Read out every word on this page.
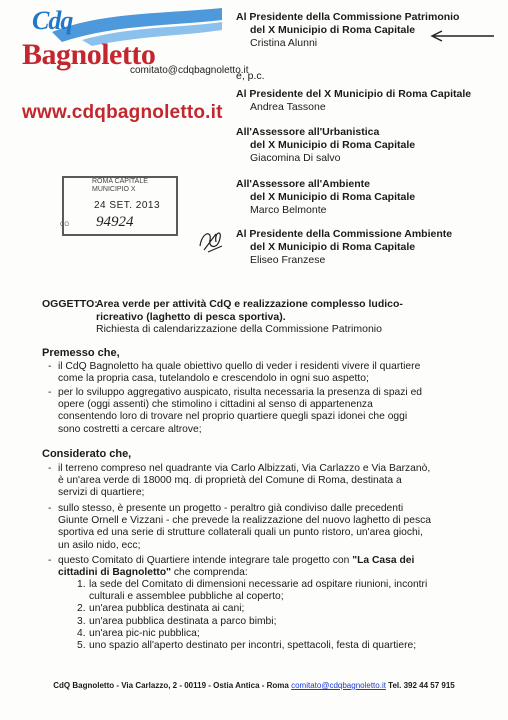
Cdq
Bagnoletto
comitato@cdqbagnoletto.it
www.cdqbagnoletto.it
Al Presidente della Commissione Patrimonio
del X Municipio di Roma Capitale
Cristina Alunni
e, p.c.
Al Presidente del X Municipio di Roma Capitale
Andrea Tassone
All'Assessore all'Urbanistica
del X Municipio di Roma Capitale
Giacomina Di salvo
All'Assessore all'Ambiente
del X Municipio di Roma Capitale
Marco Belmonte
Al Presidente della Commissione Ambiente
del X Municipio di Roma Capitale
Eliseo Franzese
ROMA CAPITALE
MUNICIPIO X
24 SET. 2013
CO 94924
OGGETTO:
Area verde per attività CdQ e realizzazione complesso ludico-
ricreativo (laghetto di pesca sportiva).
Richiesta di calendarizzazione della Commissione Patrimonio
Premesso che,
- il CdQ Bagnoletto ha quale obiettivo quello di veder i residenti vivere il quartiere
come la propria casa, tutelandolo e crescendolo in ogni suo aspetto;
- per lo sviluppo aggregativo auspicato, risulta necessaria la presenza di spazi ed
opere (oggi assenti) che stimolino i cittadini al senso di appartenenza
consentendo loro di trovare nel proprio quartiere quegli spazi idonei che oggi
sono costretti a cercare altrove;
Considerato che,
- il terreno compreso nel quadrante via Carlo Albizzati, Via Carlazzo e Via Barzanò,
è un'area verde di 18000 mq. di proprietà del Comune di Roma, destinata a
servizi di quartiere;
- sullo stesso, è presente un progetto - peraltro già condiviso dalle precedenti
Giunte Ornell e Vizzani - che prevede la realizzazione del nuovo laghetto di pesca
sportiva ed una serie di strutture collaterali quali un punto ristoro, un'area giochi,
un asilo nido, ecc;
- questo Comitato di Quartiere intende integrare tale progetto con "La Casa dei
cittadini di Bagnoletto" che comprenda:
1. la sede del Comitato di dimensioni necessarie ad ospitare riunioni, incontri
culturali e assemblee pubbliche al coperto;
2. un'area pubblica destinata ai cani;
3. un'area pubblica destinata a parco bimbi;
4. un'area pic-nic pubblica;
5. uno spazio all'aperto destinato per incontri, spettacoli, festa di quartiere;
CdQ Bagnoletto - Via Carlazzo, 2 - 00119 - Ostia Antica - Roma comitato@cdqbagnoletto.it Tel. 392 44 57 915
